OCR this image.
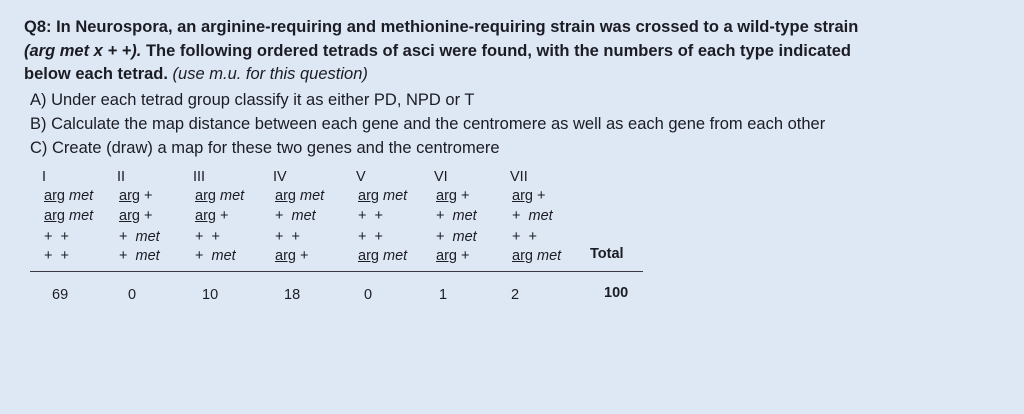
Q8: In Neurospora, an arginine-requiring and methionine-requiring strain was crossed to a wild-type strain
(arg met x + +). The following ordered tetrads of asci were found, with the numbers of each type indicated
below each tetrad. (use m.u. for this question)
A) Under each tetrad group classify it as either PD, NPD or T
B) Calculate the map distance between each gene and the centromere as well as each gene from each other
C) Create (draw) a map for these two genes and the centromere
I
arg met
arg met
+ +
+ +
69
II
arg +
arg +
+ met
+ met
0
III
arg met
arg +
+ +
+ met
10
IV
arg met
+ met
+ +
arg +
18
V
arg met
+ +
+ +
arg met
0
VI
arg +
+ met
+ met
arg +
1
VII
arg +
+ met
+ +
arg met
2
Total
100
